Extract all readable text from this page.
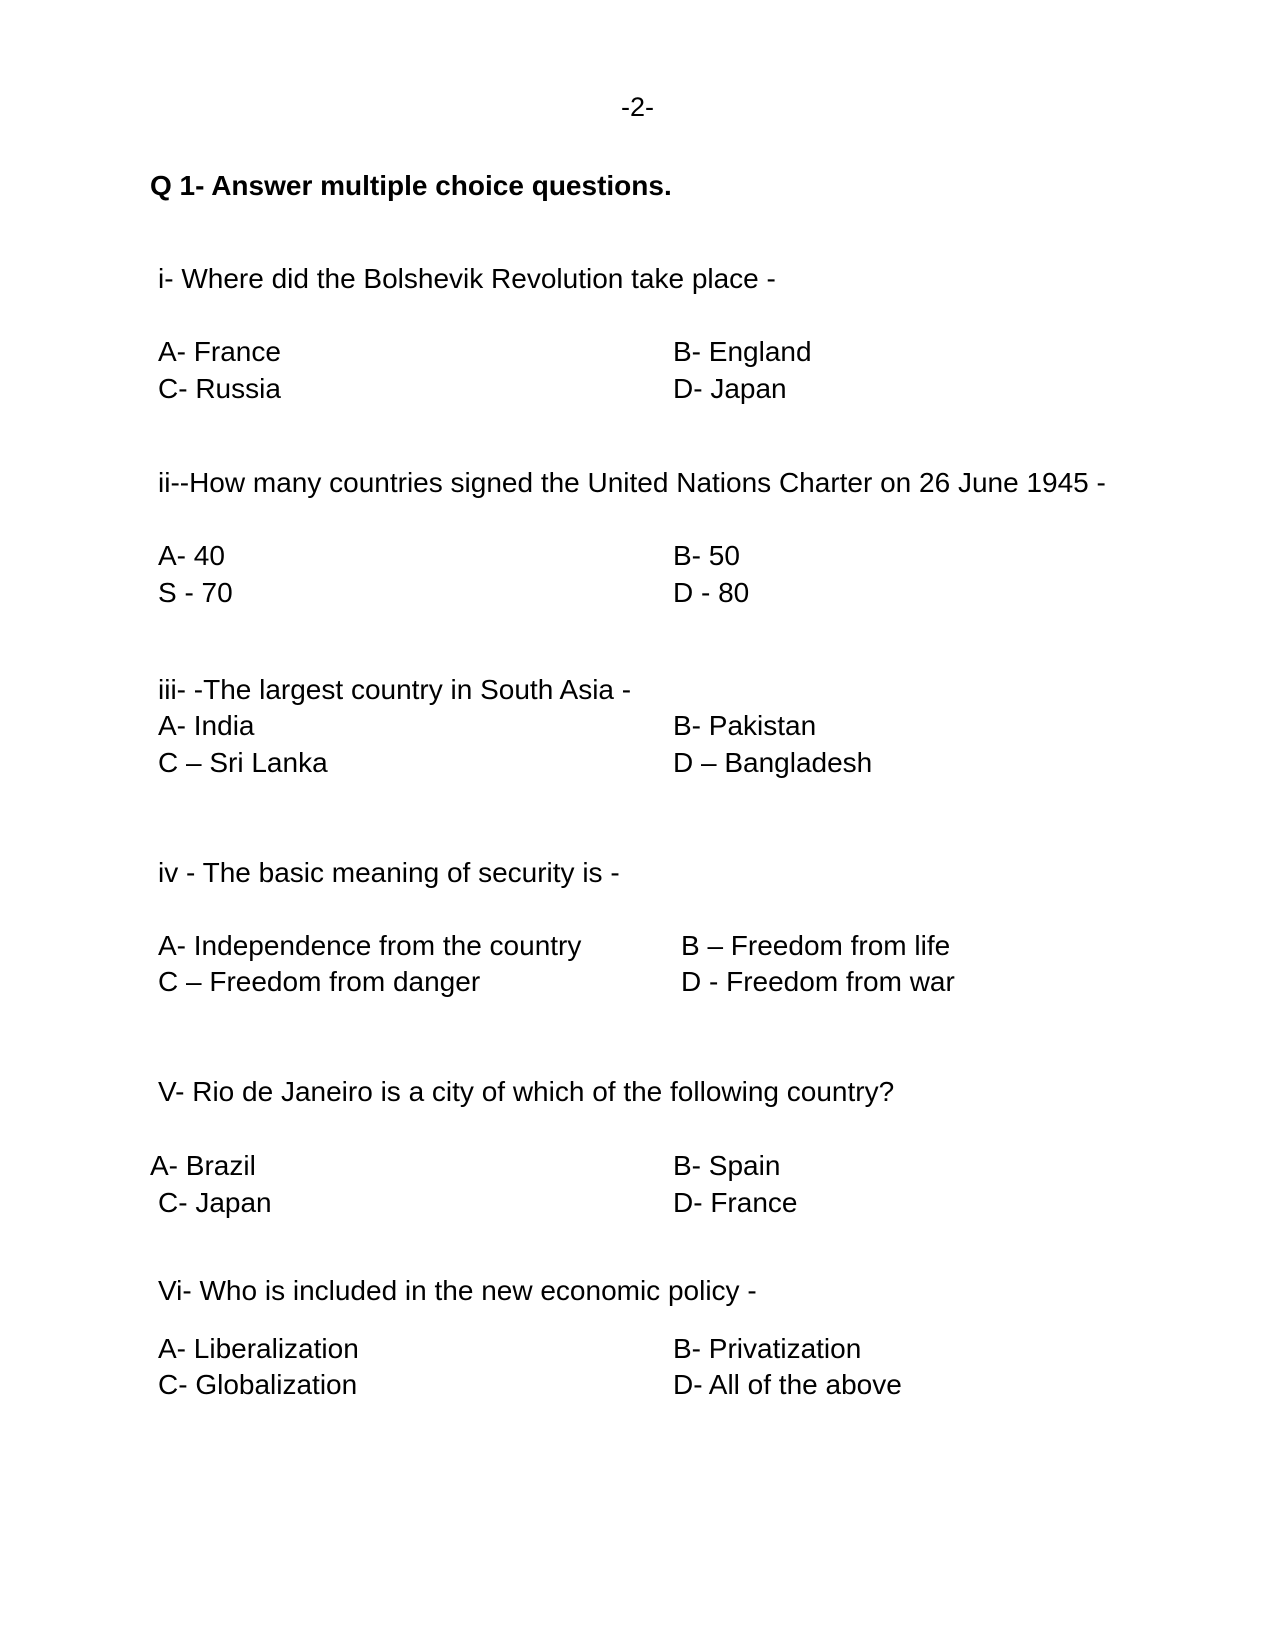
-2-
Q 1- Answer multiple choice questions.
i- Where did the Bolshevik Revolution take place -
A- France	B- England
C- Russia	D- Japan
ii--How many countries signed the United Nations Charter on 26 June 1945 -
A- 40	B- 50
S - 70	D - 80
iii- -The largest country in South Asia -
A- India	B- Pakistan
C – Sri Lanka	D – Bangladesh
iv - The basic meaning of security is -
A- Independence from the country	B – Freedom from life
C – Freedom from danger	D - Freedom from war
V- Rio de Janeiro is a city of which of the following country?
A- Brazil	B- Spain
C- Japan	D- France
Vi- Who is included in the new economic policy -
A- Liberalization	B- Privatization
C- Globalization	D- All of the above
